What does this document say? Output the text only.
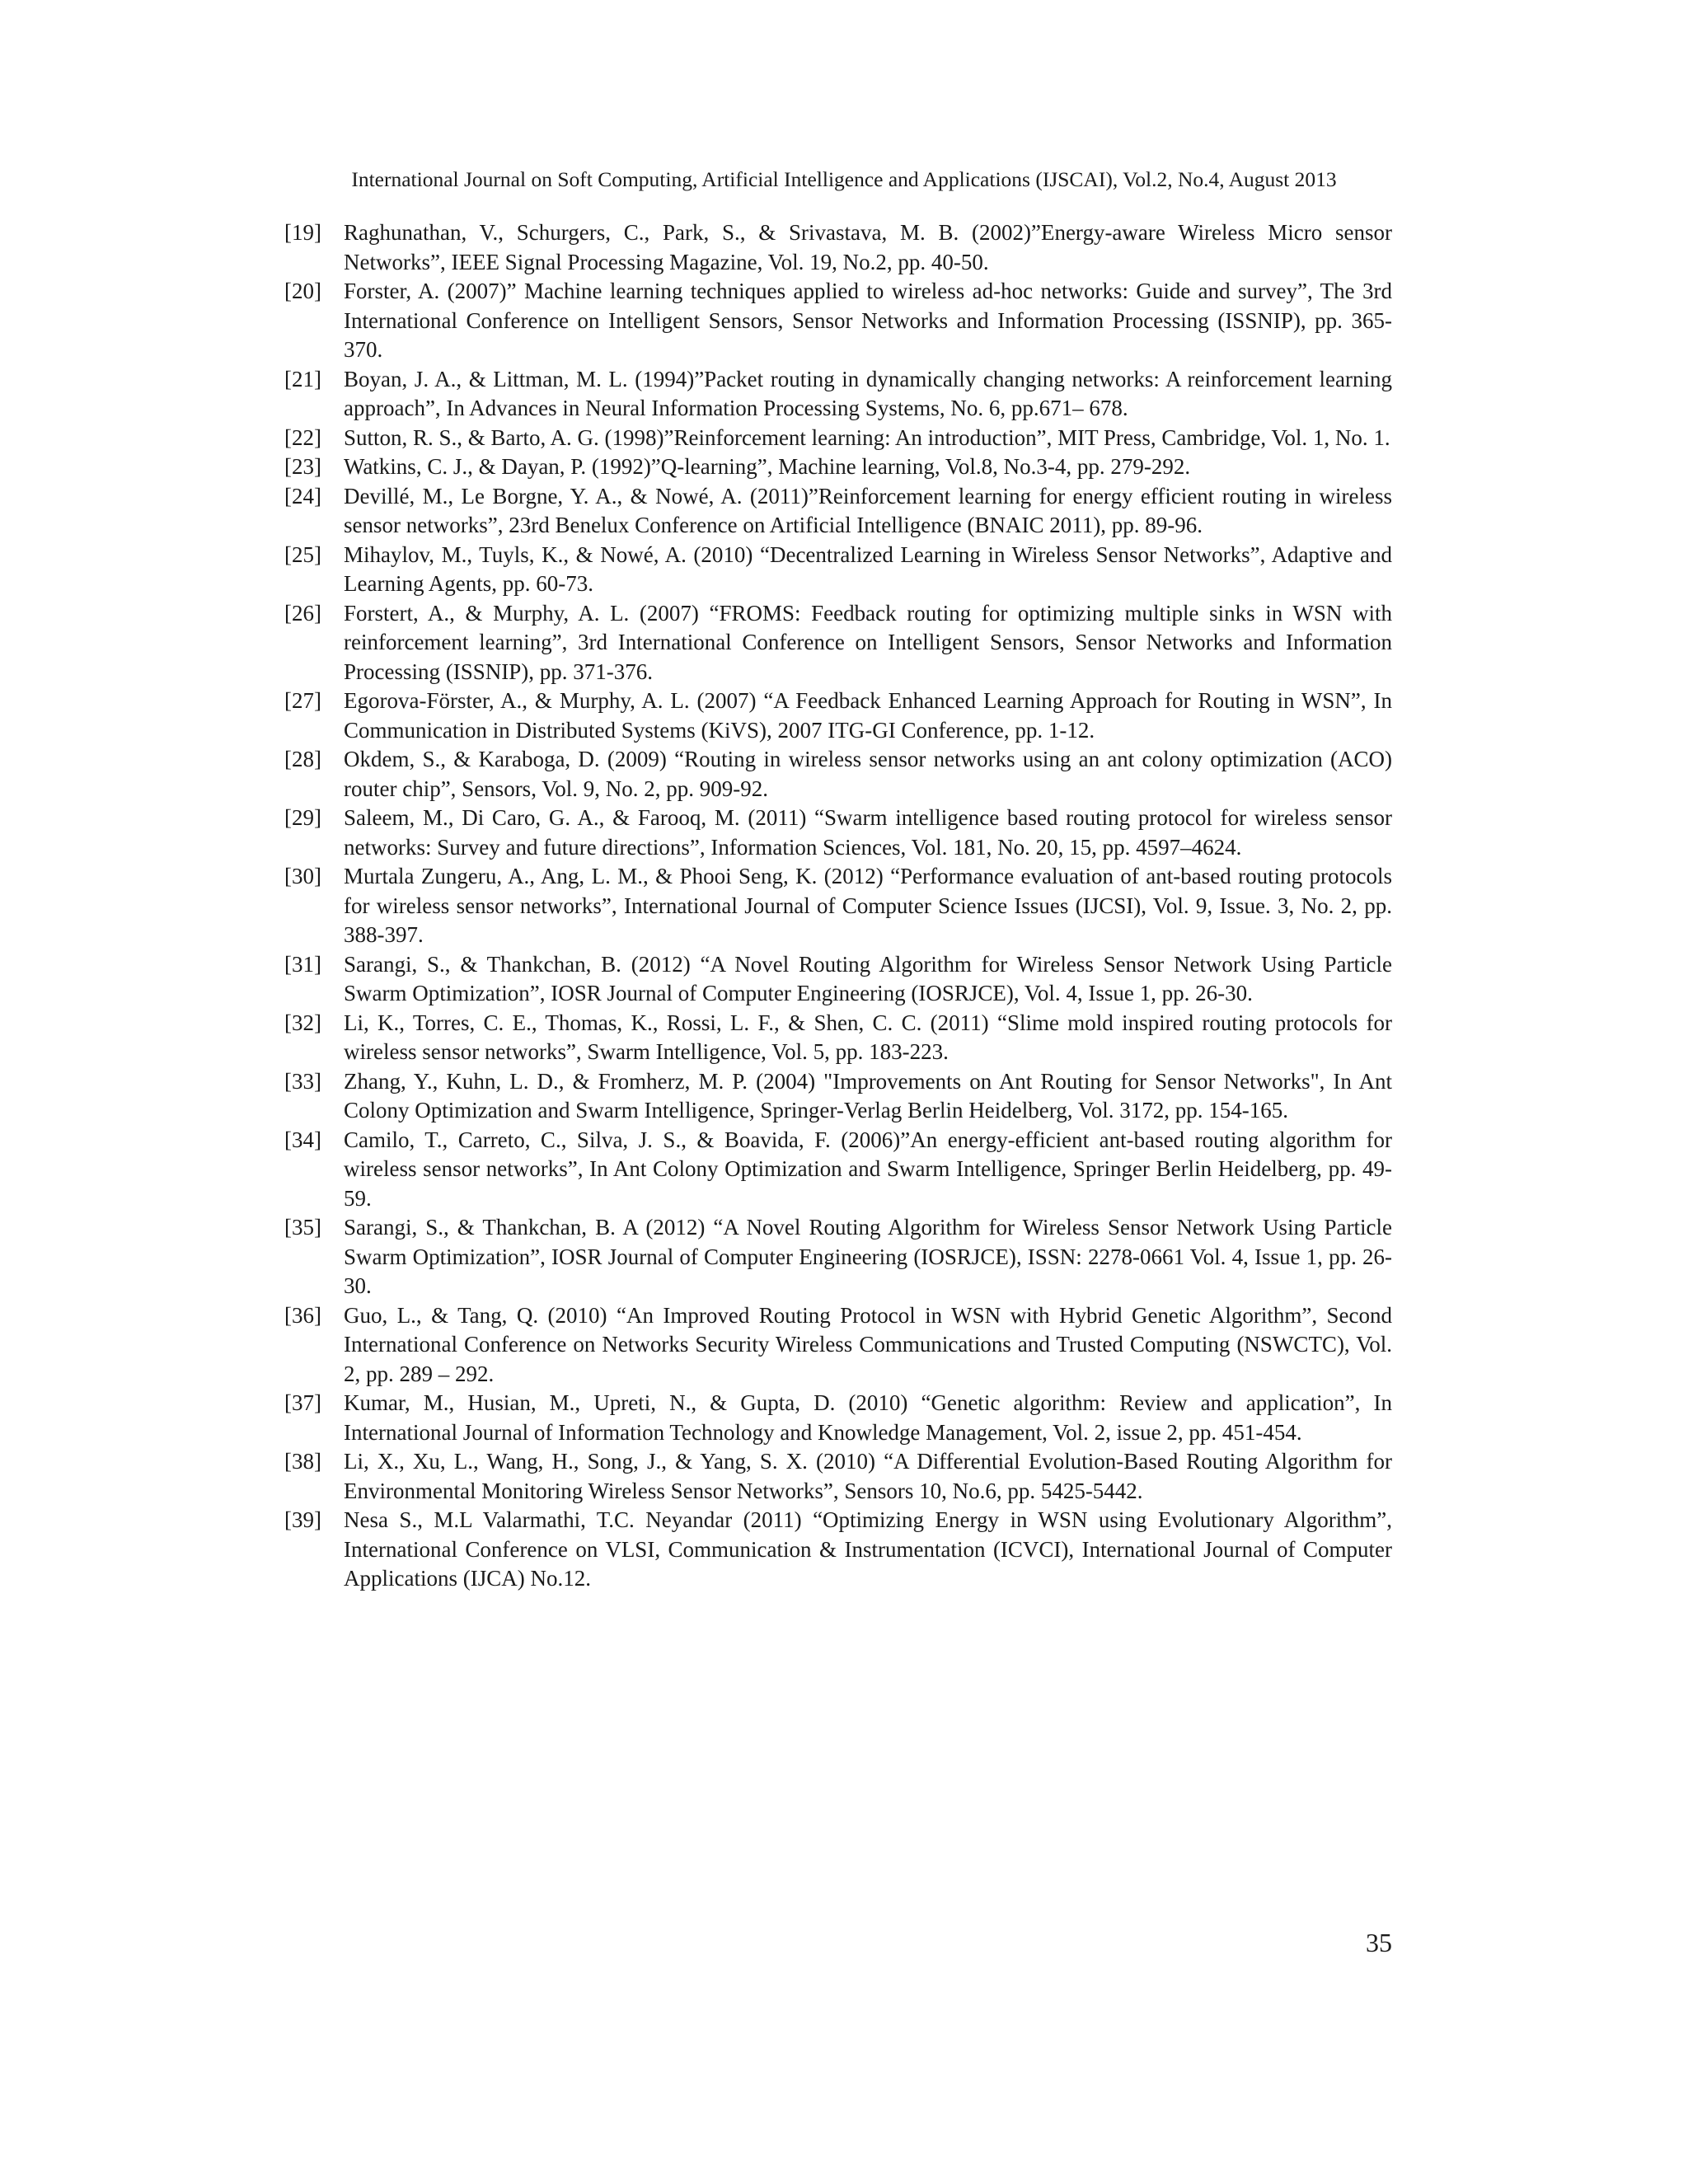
International Journal on Soft Computing, Artificial Intelligence and Applications (IJSCAI), Vol.2, No.4, August 2013
[19]	Raghunathan, V., Schurgers, C., Park, S., & Srivastava, M. B. (2002)”Energy-aware Wireless Micro sensor Networks”, IEEE Signal Processing Magazine, Vol. 19, No.2, pp. 40-50.
[20]	Forster, A. (2007)” Machine learning techniques applied to wireless ad-hoc networks: Guide and survey”, The 3rd International Conference on Intelligent Sensors, Sensor Networks and Information Processing (ISSNIP), pp. 365-370.
[21]	Boyan, J. A., & Littman, M. L. (1994)”Packet routing in dynamically changing networks: A reinforcement learning approach”, In Advances in Neural Information Processing Systems, No. 6, pp.671– 678.
[22]	Sutton, R. S., & Barto, A. G. (1998)”Reinforcement learning: An introduction”, MIT Press, Cambridge, Vol. 1, No. 1.
[23]	Watkins, C. J., & Dayan, P. (1992)”Q-learning”, Machine learning, Vol.8, No.3-4, pp. 279-292.
[24]	Devillé, M., Le Borgne, Y. A., & Nowé, A. (2011)”Reinforcement learning for energy efficient routing in wireless sensor networks”, 23rd Benelux Conference on Artificial Intelligence (BNAIC 2011), pp. 89-96.
[25]	Mihaylov, M., Tuyls, K., & Nowé, A. (2010) “Decentralized Learning in Wireless Sensor Networks”, Adaptive and Learning Agents, pp. 60-73.
[26]	Forstert, A., & Murphy, A. L. (2007) “FROMS: Feedback routing for optimizing multiple sinks in WSN with reinforcement learning”, 3rd International Conference on Intelligent Sensors, Sensor Networks and Information Processing (ISSNIP), pp. 371-376.
[27]	Egorova-Förster, A., & Murphy, A. L. (2007) “A Feedback Enhanced Learning Approach for Routing in WSN”, In Communication in Distributed Systems (KiVS), 2007 ITG-GI Conference, pp. 1-12.
[28]	Okdem, S., & Karaboga, D. (2009) “Routing in wireless sensor networks using an ant colony optimization (ACO) router chip”, Sensors, Vol. 9, No. 2, pp. 909-92.
[29]	Saleem, M., Di Caro, G. A., & Farooq, M. (2011) “Swarm intelligence based routing protocol for wireless sensor networks: Survey and future directions”, Information Sciences, Vol. 181, No. 20, 15, pp. 4597–4624.
[30]	Murtala Zungeru, A., Ang, L. M., & Phooi Seng, K. (2012) “Performance evaluation of ant-based routing protocols for wireless sensor networks”, International Journal of Computer Science Issues (IJCSI), Vol. 9, Issue. 3, No. 2, pp. 388-397.
[31]	Sarangi, S., & Thankchan, B. (2012) “A Novel Routing Algorithm for Wireless Sensor Network Using Particle Swarm Optimization”, IOSR Journal of Computer Engineering (IOSRJCE), Vol. 4, Issue 1, pp. 26-30.
[32]	Li, K., Torres, C. E., Thomas, K., Rossi, L. F., & Shen, C. C. (2011) “Slime mold inspired routing protocols for wireless sensor networks”, Swarm Intelligence, Vol. 5, pp. 183-223.
[33]	Zhang, Y., Kuhn, L. D., & Fromherz, M. P. (2004) "Improvements on Ant Routing for Sensor Networks", In Ant Colony Optimization and Swarm Intelligence, Springer-Verlag Berlin Heidelberg, Vol. 3172, pp. 154-165.
[34]	Camilo, T., Carreto, C., Silva, J. S., & Boavida, F. (2006)”An energy-efficient ant-based routing algorithm for wireless sensor networks”, In Ant Colony Optimization and Swarm Intelligence, Springer Berlin Heidelberg, pp. 49-59.
[35]	Sarangi, S., & Thankchan, B. A (2012) “A Novel Routing Algorithm for Wireless Sensor Network Using Particle Swarm Optimization”, IOSR Journal of Computer Engineering (IOSRJCE), ISSN: 2278-0661 Vol. 4, Issue 1, pp. 26-30.
[36]	Guo, L., & Tang, Q. (2010) “An Improved Routing Protocol in WSN with Hybrid Genetic Algorithm”, Second International Conference on Networks Security Wireless Communications and Trusted Computing (NSWCTC), Vol. 2, pp. 289 – 292.
[37]	Kumar, M., Husian, M., Upreti, N., & Gupta, D. (2010) “Genetic algorithm: Review and application”, In International Journal of Information Technology and Knowledge Management, Vol. 2, issue 2, pp. 451-454.
[38]	Li, X., Xu, L., Wang, H., Song, J., & Yang, S. X. (2010) “A Differential Evolution-Based Routing Algorithm for Environmental Monitoring Wireless Sensor Networks”, Sensors 10, No.6, pp. 5425-5442.
[39]	Nesa S., M.L Valarmathi, T.C. Neyandar (2011) “Optimizing Energy in WSN using Evolutionary Algorithm”, International Conference on VLSI, Communication & Instrumentation (ICVCI), International Journal of Computer Applications (IJCA) No.12.
35
